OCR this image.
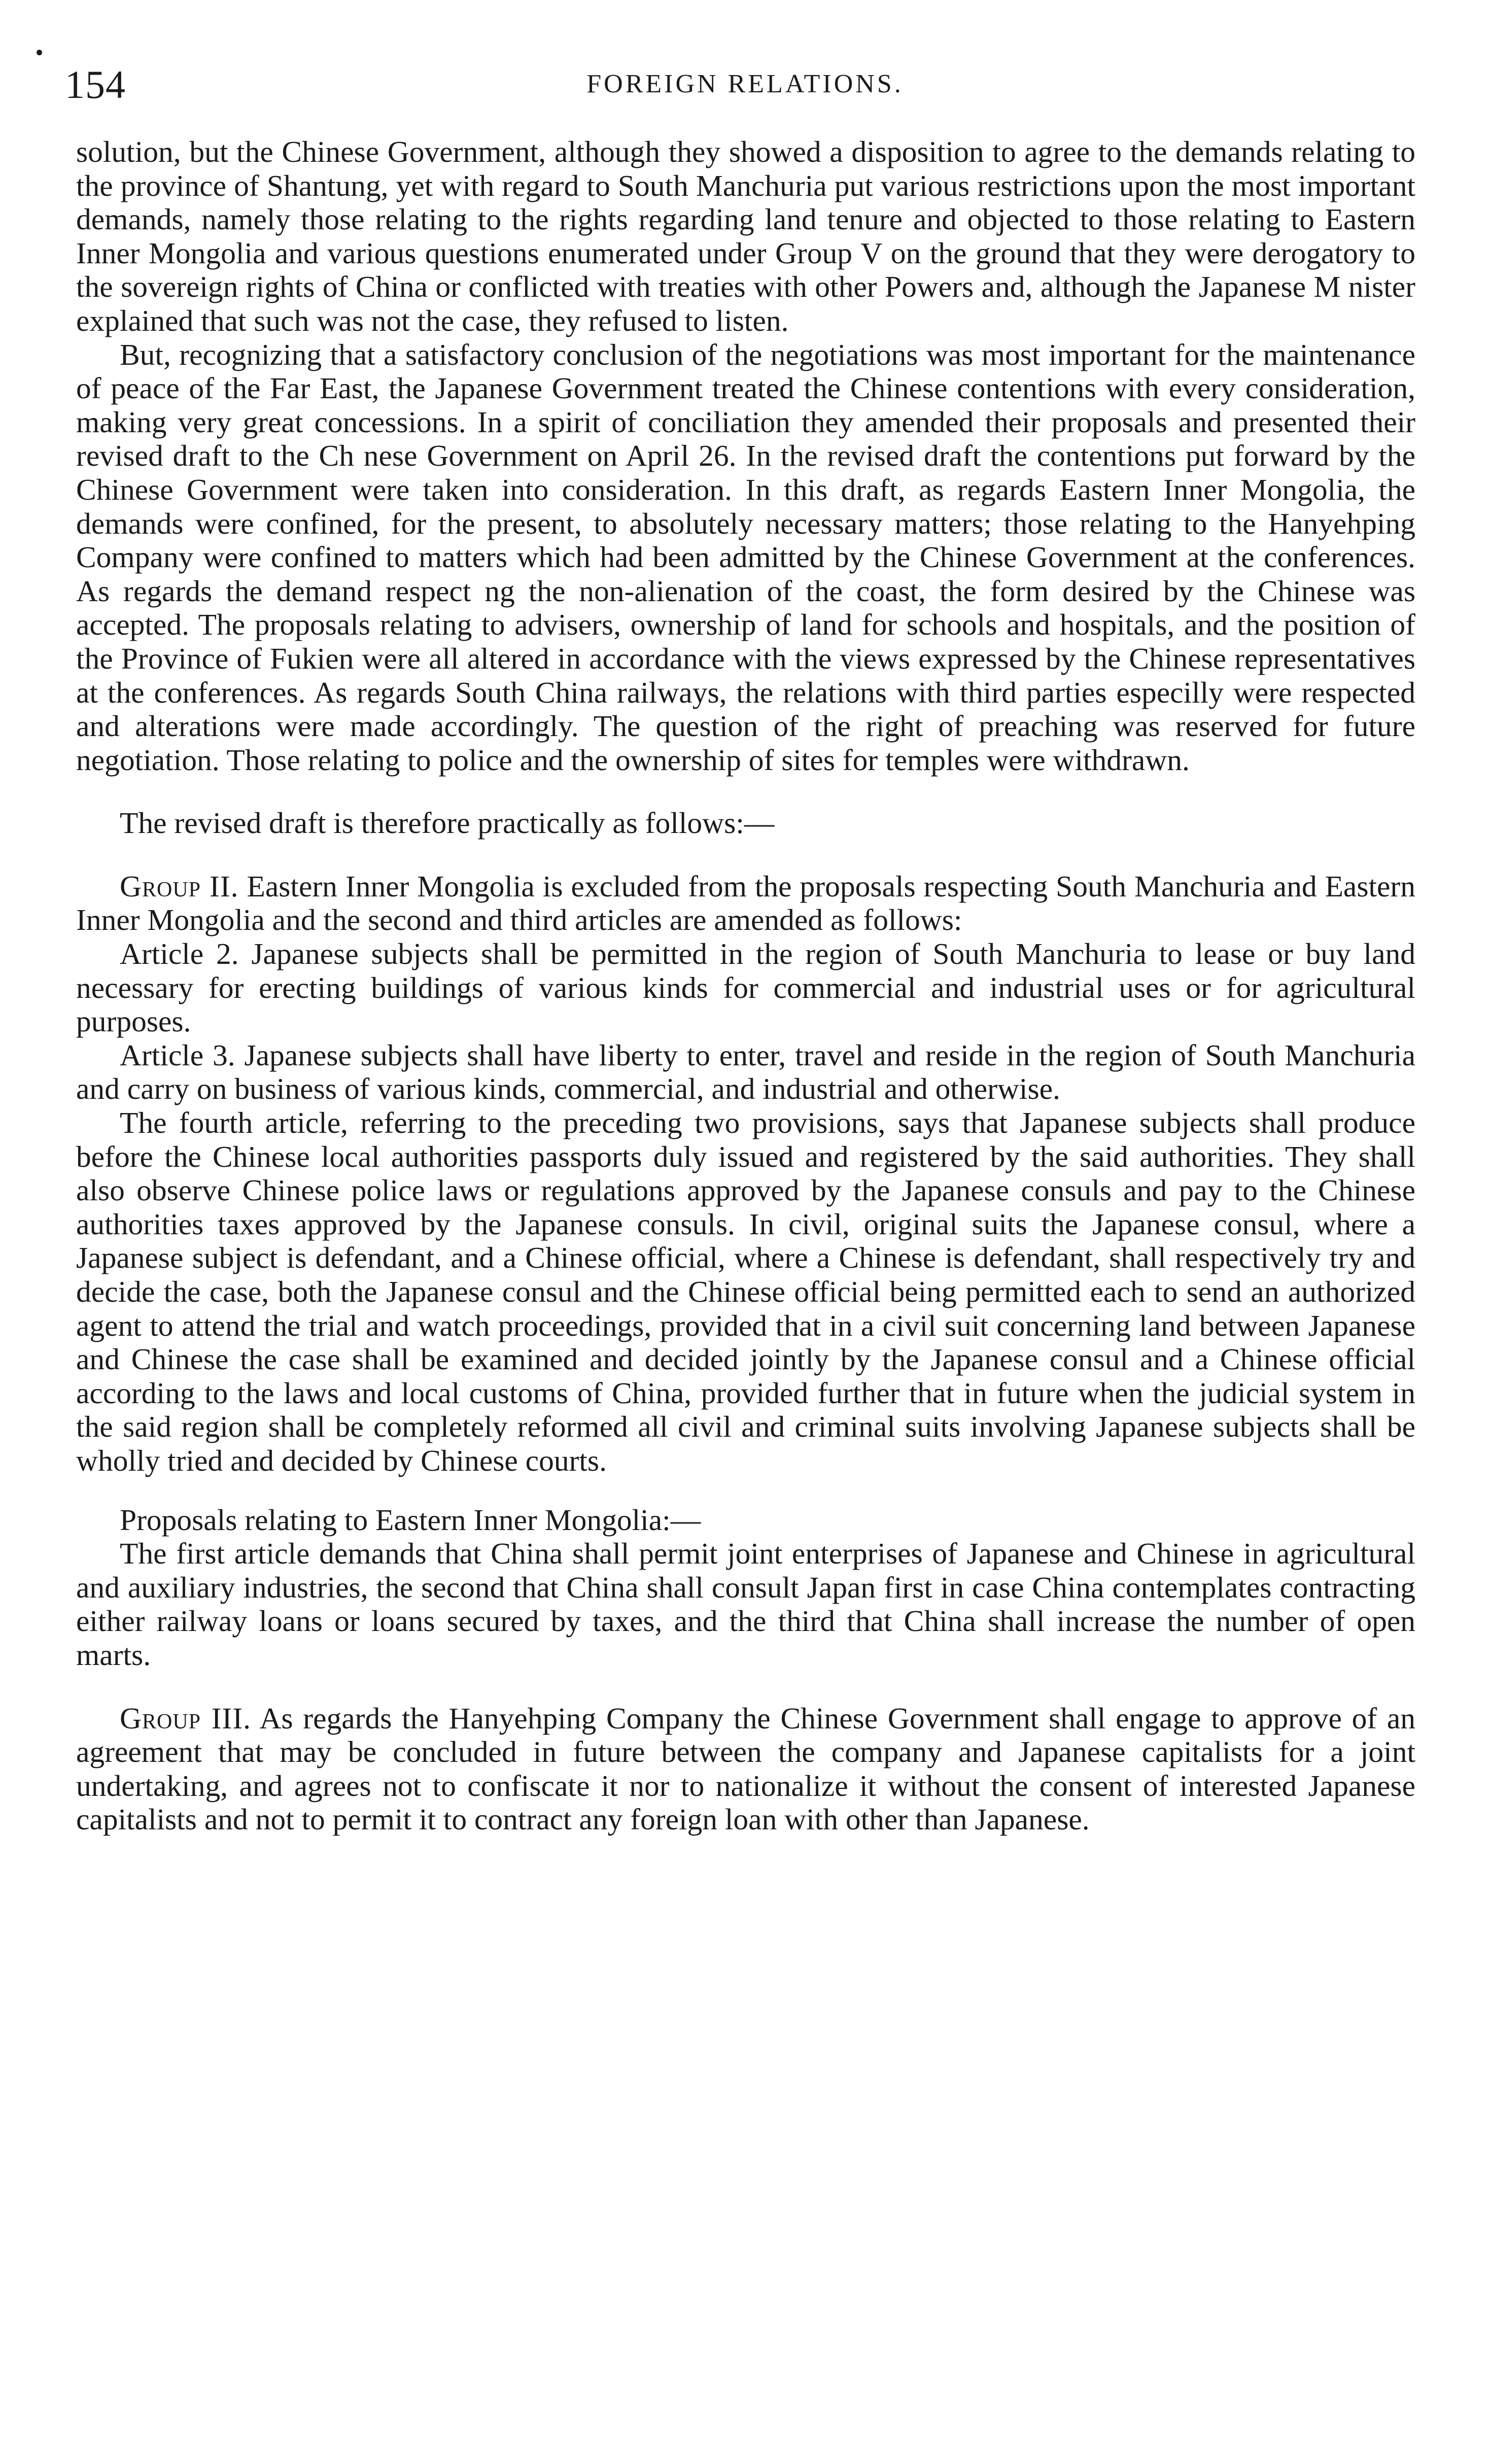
154	FOREIGN RELATIONS.

solution, but the Chinese Government, although they showed a disposition to agree to the demands relating to the province of Shantung, yet with regard to South Manchuria put various restrictions upon the most important demands, namely those relating to the rights regarding land tenure and objected to those relating to Eastern Inner Mongolia and various questions enumerated under Group V on the ground that they were derogatory to the sovereign rights of China or conflicted with treaties with other Powers and, although the Japanese M nister explained that such was not the case, they refused to listen.

But, recognizing that a satisfactory conclusion of the negotiations was most important for the maintenance of peace of the Far East, the Japanese Government treated the Chinese contentions with every consideration, making very great concessions. In a spirit of conciliation they amended their proposals and presented their revised draft to the Ch nese Government on April 26. In the revised draft the contentions put forward by the Chinese Government were taken into consideration. In this draft, as regards Eastern Inner Mongolia, the demands were confined, for the present, to absolutely necessary matters; those relating to the Hanyehping Company were confined to matters which had been admitted by the Chinese Government at the conferences. As regards the demand respect ng the non-alienation of the coast, the form desired by the Chinese was accepted. The proposals relating to advisers, ownership of land for schools and hospitals, and the position of the Province of Fukien were all altered in accordance with the views expressed by the Chinese representatives at the conferences. As regards South China railways, the relations with third parties especilly were respected and alterations were made accordingly. The question of the right of preaching was reserved for future negotiation. Those relating to police and the ownership of sites for temples were withdrawn.

The revised draft is therefore practically as follows:—

Group II. Eastern Inner Mongolia is excluded from the proposals respecting South Manchuria and Eastern Inner Mongolia and the second and third articles are amended as follows:

Article 2. Japanese subjects shall be permitted in the region of South Manchuria to lease or buy land necessary for erecting buildings of various kinds for commercial and industrial uses or for agricultural purposes.

Article 3. Japanese subjects shall have liberty to enter, travel and reside in the region of South Manchuria and carry on business of various kinds, commercial, and industrial and otherwise.

The fourth article, referring to the preceding two provisions, says that Japanese subjects shall produce before the Chinese local authorities passports duly issued and registered by the said authorities. They shall also observe Chinese police laws or regulations approved by the Japanese consuls and pay to the Chinese authorities taxes approved by the Japanese consuls. In civil, original suits the Japanese consul, where a Japanese subject is defendant, and a Chinese official, where a Chinese is defendant, shall respectively try and decide the case, both the Japanese consul and the Chinese official being permitted each to send an authorized agent to attend the trial and watch proceedings, provided that in a civil suit concerning land between Japanese and Chinese the case shall be examined and decided jointly by the Japanese consul and a Chinese official according to the laws and local customs of China, provided further that in future when the judicial system in the said region shall be completely reformed all civil and criminal suits involving Japanese subjects shall be wholly tried and decided by Chinese courts.

Proposals relating to Eastern Inner Mongolia:—

The first article demands that China shall permit joint enterprises of Japanese and Chinese in agricultural and auxiliary industries, the second that China shall consult Japan first in case China contemplates contracting either railway loans or loans secured by taxes, and the third that China shall increase the number of open marts.

Group III. As regards the Hanyehping Company the Chinese Government shall engage to approve of an agreement that may be concluded in future between the company and Japanese capitalists for a joint undertaking, and agrees not to confiscate it nor to nationalize it without the consent of interested Japanese capitalists and not to permit it to contract any foreign loan with other than Japanese.
